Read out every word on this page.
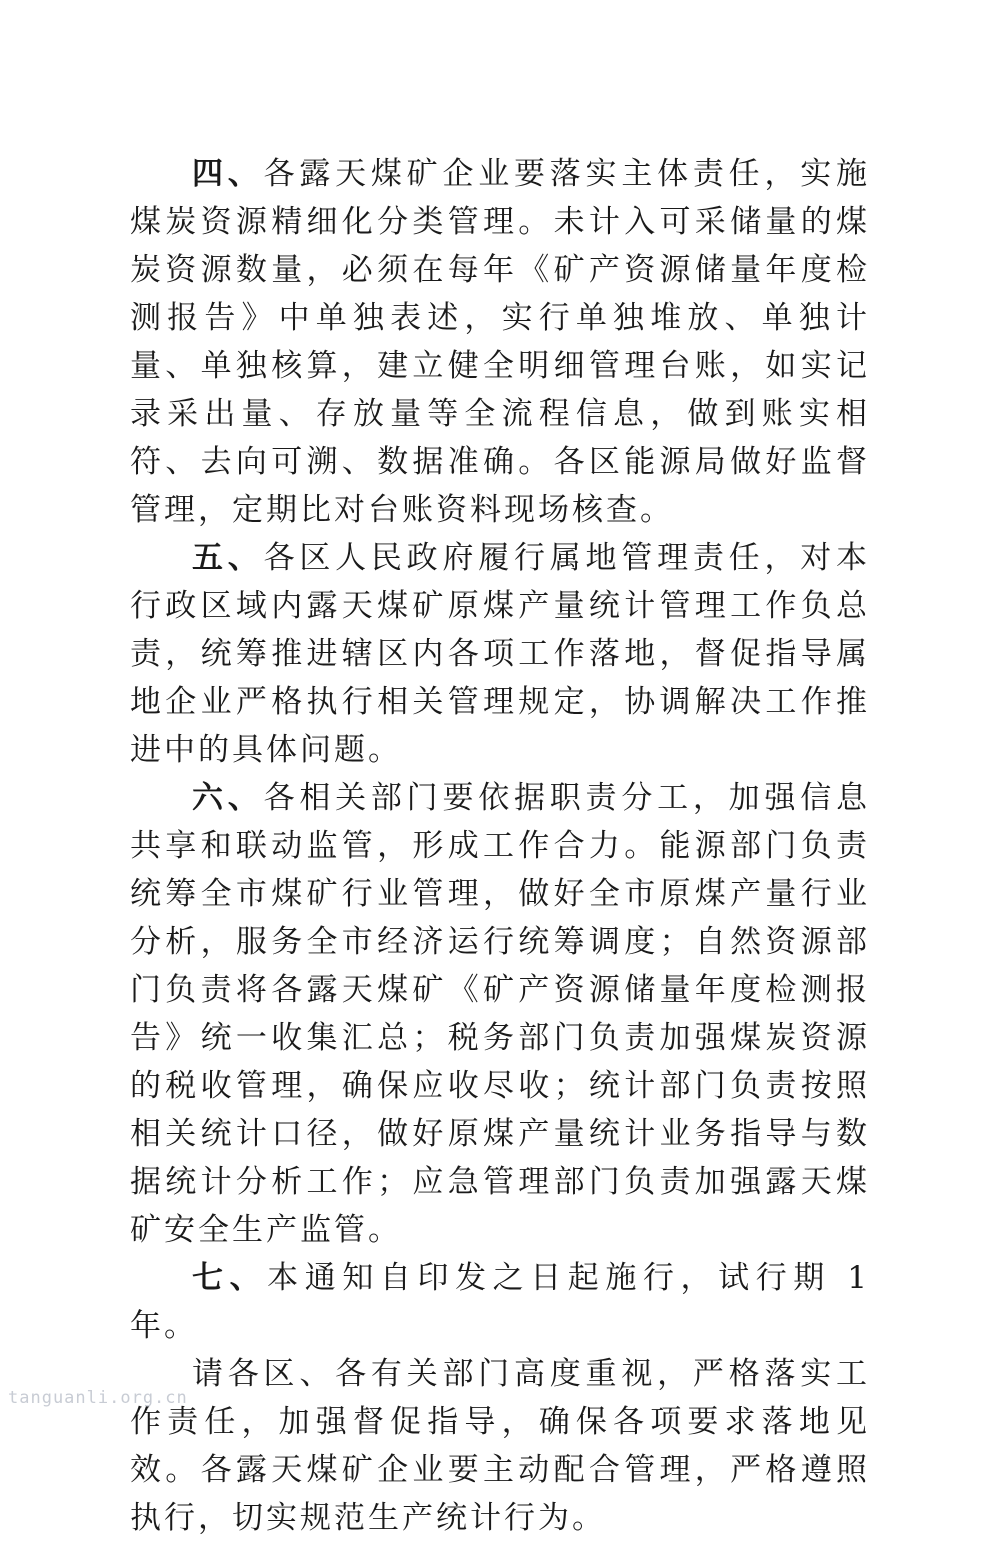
四、各露天煤矿企业要落实主体责任，实施煤炭资源精细化分类管理。未计入可采储量的煤炭资源数量，必须在每年《矿产资源储量年度检测报告》中单独表述，实行单独堆放、单独计量、单独核算，建立健全明细管理台账，如实记录采出量、存放量等全流程信息，做到账实相符、去向可溯、数据准确。各区能源局做好监督管理，定期比对台账资料现场核查。

五、各区人民政府履行属地管理责任，对本行政区域内露天煤矿原煤产量统计管理工作负总责，统筹推进辖区内各项工作落地，督促指导属地企业严格执行相关管理规定，协调解决工作推进中的具体问题。

六、各相关部门要依据职责分工，加强信息共享和联动监管，形成工作合力。能源部门负责统筹全市煤矿行业管理，做好全市原煤产量行业分析，服务全市经济运行统筹调度；自然资源部门负责将各露天煤矿《矿产资源储量年度检测报告》统一收集汇总；税务部门负责加强煤炭资源的税收管理，确保应收尽收；统计部门负责按照相关统计口径，做好原煤产量统计业务指导与数据统计分析工作；应急管理部门负责加强露天煤矿安全生产监管。

七、本通知自印发之日起施行，试行期 1 年。

请各区、各有关部门高度重视，严格落实工作责任，加强督促指导，确保各项要求落地见效。各露天煤矿企业要主动配合管理，严格遵照执行，切实规范生产统计行为。

tanguanli.org.cn
